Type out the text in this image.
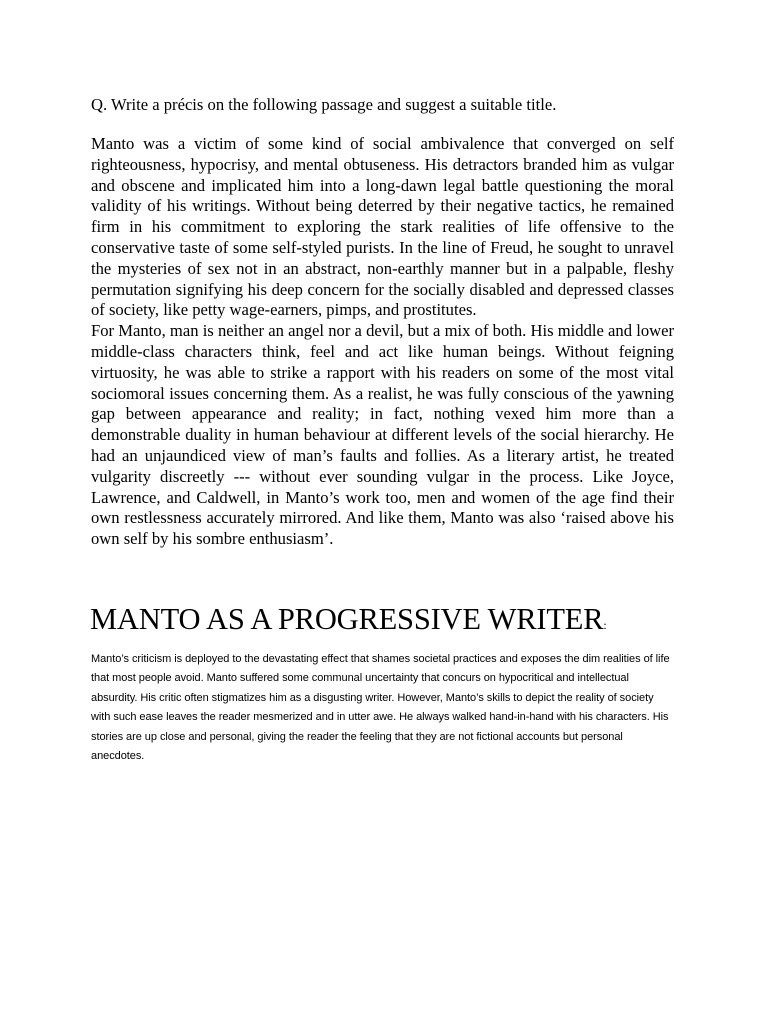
Q. Write a précis on the following passage and suggest a suitable title.

Manto was a victim of some kind of social ambivalence that converged on self righteousness, hypocrisy, and mental obtuseness. His detractors branded him as vulgar and obscene and implicated him into a long-dawn legal battle questioning the moral validity of his writings. Without being deterred by their negative tactics, he remained firm in his commitment to exploring the stark realities of life offensive to the conservative taste of some self-styled purists. In the line of Freud, he sought to unravel the mysteries of sex not in an abstract, non-earthly manner but in a palpable, fleshy permutation signifying his deep concern for the socially disabled and depressed classes of society, like petty wage-earners, pimps, and prostitutes.

For Manto, man is neither an angel nor a devil, but a mix of both. His middle and lower middle-class characters think, feel and act like human beings. Without feigning virtuosity, he was able to strike a rapport with his readers on some of the most vital sociomoral issues concerning them. As a realist, he was fully conscious of the yawning gap between appearance and reality; in fact, nothing vexed him more than a demonstrable duality in human behaviour at different levels of the social hierarchy. He had an unjaundiced view of man’s faults and follies. As a literary artist, he treated vulgarity discreetly --- without ever sounding vulgar in the process. Like Joyce, Lawrence, and Caldwell, in Manto’s work too, men and women of the age find their own restlessness accurately mirrored. And like them, Manto was also ‘raised above his own self by his sombre enthusiasm’.

MANTO AS A PROGRESSIVE WRITER:

Manto’s criticism is deployed to the devastating effect that shames societal practices and exposes the dim realities of life that most people avoid. Manto suffered some communal uncertainty that concurs on hypocritical and intellectual absurdity. His critic often stigmatizes him as a disgusting writer. However, Manto’s skills to depict the reality of society with such ease leaves the reader mesmerized and in utter awe. He always walked hand-in-hand with his characters. His stories are up close and personal, giving the reader the feeling that they are not fictional accounts but personal anecdotes.
